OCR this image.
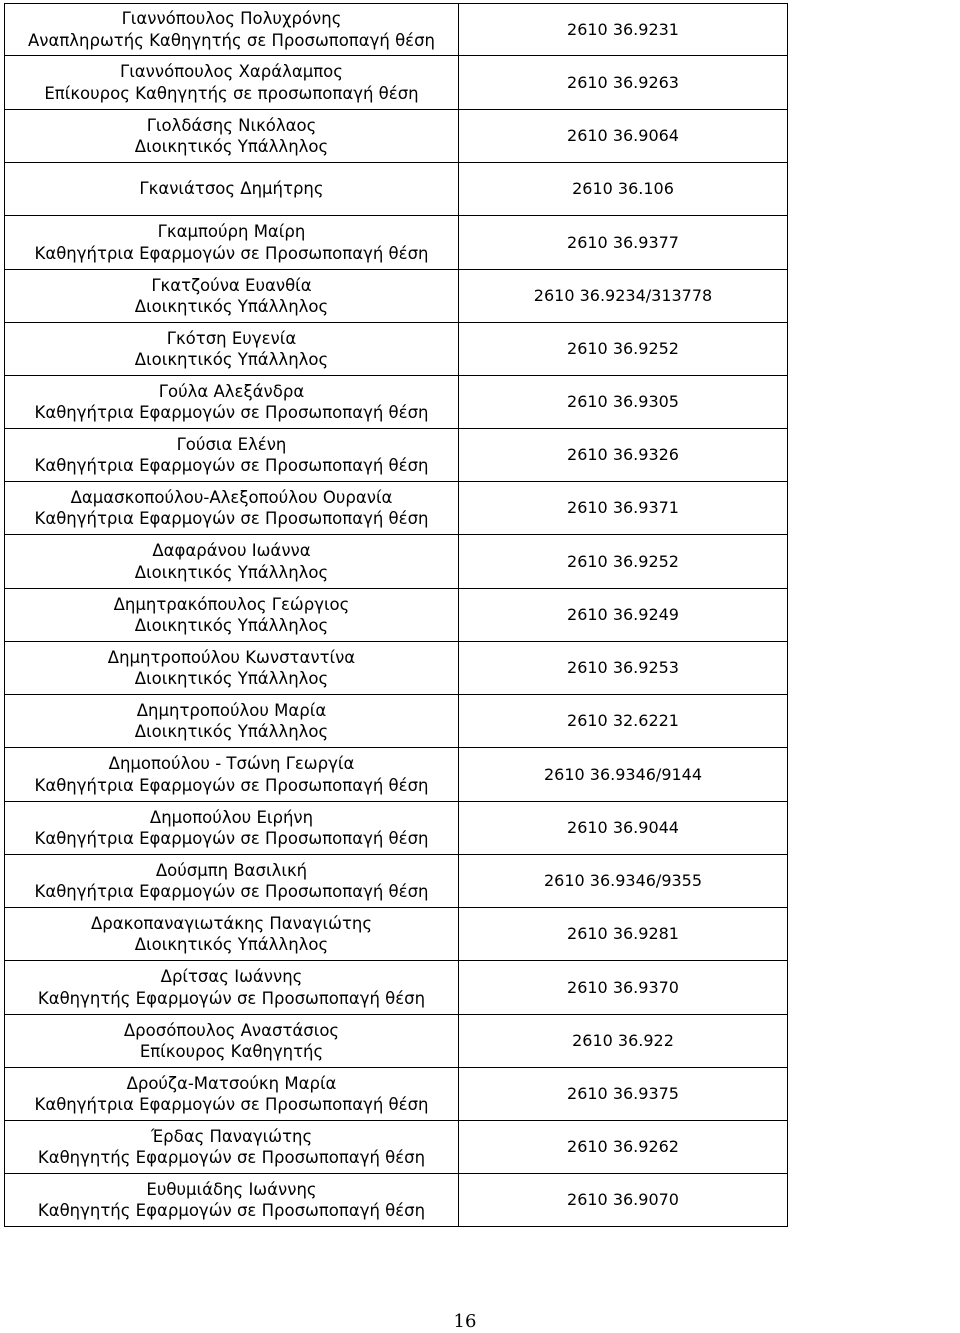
Γιαννόπουλος Πολυχρόνης
Αναπληρωτής Καθηγητής σε Προσωποπαγή θέση	2610 36.9231

Γιαννόπουλος Χαράλαμπος
Επίκουρος Καθηγητής σε προσωποπαγή θέση	2610 36.9263

Γιολδάσης Νικόλαος
Διοικητικός Υπάλληλος	2610 36.9064

Γκανιάτσος Δημήτρης	2610 36.106

Γκαμπούρη Μαίρη
Καθηγήτρια Εφαρμογών σε Προσωποπαγή θέση	2610 36.9377

Γκατζούνα Ευανθία
Διοικητικός Υπάλληλος	2610 36.9234/313778

Γκότση Ευγενία
Διοικητικός Υπάλληλος	2610 36.9252

Γούλα Αλεξάνδρα
Καθηγήτρια Εφαρμογών σε Προσωποπαγή θέση	2610 36.9305

Γούσια Ελένη
Καθηγήτρια Εφαρμογών σε Προσωποπαγή θέση	2610 36.9326

Δαμασκοπούλου-Αλεξοπούλου Ουρανία
Καθηγήτρια Εφαρμογών σε Προσωποπαγή θέση	2610 36.9371

Δαφαράνου Ιωάννα
Διοικητικός Υπάλληλος	2610 36.9252

Δημητρακόπουλος Γεώργιος
Διοικητικός Υπάλληλος	2610 36.9249

Δημητροπούλου Κωνσταντίνα
Διοικητικός Υπάλληλος	2610 36.9253

Δημητροπούλου Μαρία
Διοικητικός Υπάλληλος	2610 32.6221

Δημοπούλου - Τσώνη Γεωργία
Καθηγήτρια Εφαρμογών σε Προσωποπαγή θέση	2610 36.9346/9144

Δημοπούλου Ειρήνη
Καθηγήτρια Εφαρμογών σε Προσωποπαγή θέση	2610 36.9044

Δούσμπη Βασιλική
Καθηγήτρια Εφαρμογών σε Προσωποπαγή θέση	2610 36.9346/9355

Δρακοπαναγιωτάκης Παναγιώτης
Διοικητικός Υπάλληλος	2610 36.9281

Δρίτσας Ιωάννης
Καθηγητής Εφαρμογών σε Προσωποπαγή θέση	2610 36.9370

Δροσόπουλος Αναστάσιος
Επίκουρος Καθηγητής	2610 36.922

Δρούζα-Ματσούκη Μαρία
Καθηγήτρια Εφαρμογών σε Προσωποπαγή θέση	2610 36.9375

Έρδας Παναγιώτης
Καθηγητής Εφαρμογών σε Προσωποπαγή θέση	2610 36.9262

Ευθυμιάδης Ιωάννης
Καθηγητής Εφαρμογών σε Προσωποπαγή θέση	2610 36.9070
16
